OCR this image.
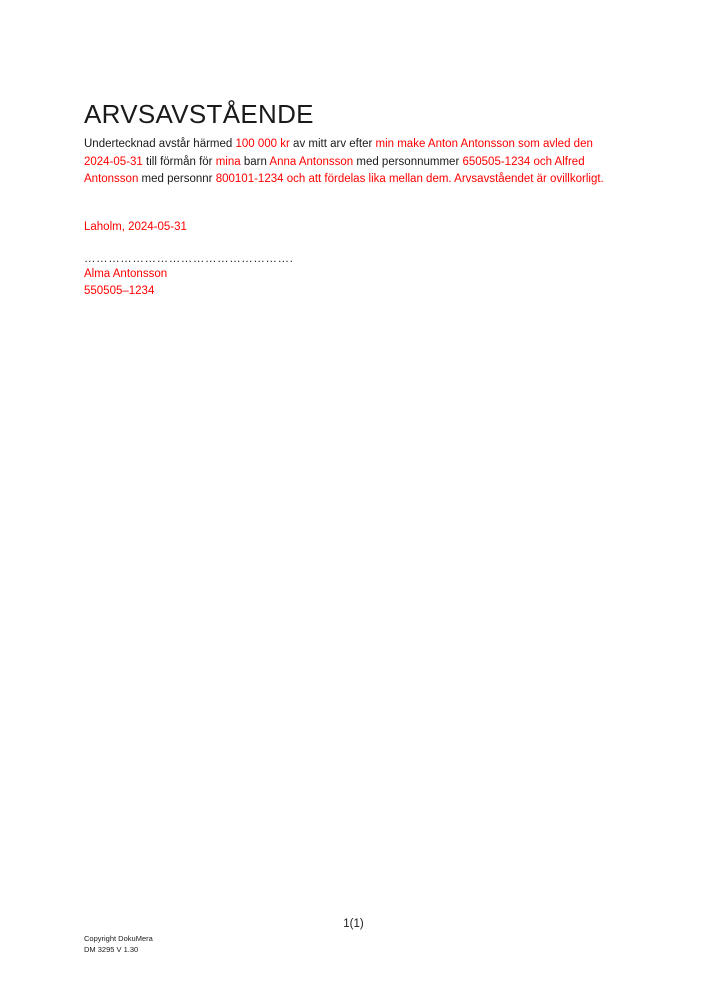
ARVSAVSTÅENDE
Undertecknad avstår härmed 100 000 kr av mitt arv efter min make Anton Antonsson som avled den 2024-05-31 till förmån för mina barn Anna Antonsson med personnummer 650505-1234 och Alfred Antonsson med personnr 800101-1234 och att fördelas lika mellan dem. Arvsavståendet är ovillkorligt.
Laholm, 2024-05-31
…………………………………………….
Alma Antonsson
550505–1234
1(1)
Copyright DokuMera
DM 3295 V 1.30
